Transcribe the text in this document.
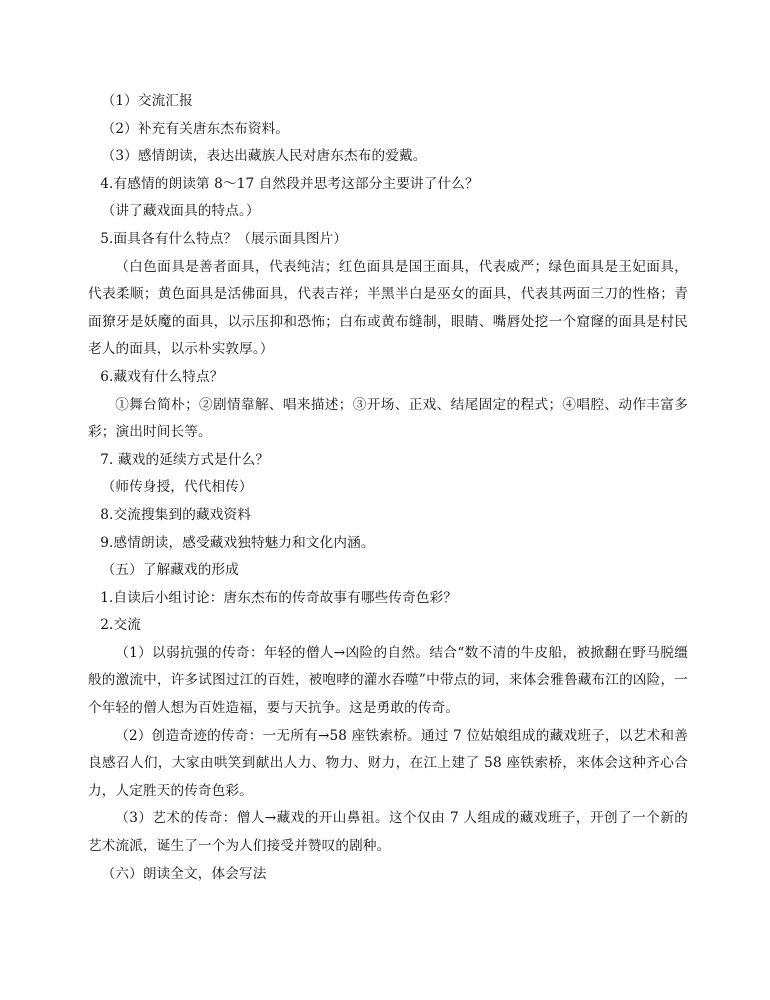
（1）交流汇报
（2）补充有关唐东杰布资料。
（3）感情朗读，表达出藏族人民对唐东杰布的爱戴。
4.有感情的朗读第 8～17 自然段并思考这部分主要讲了什么？
（讲了藏戏面具的特点。）
5.面具各有什么特点？（展示面具图片）
（白色面具是善者面具，代表纯洁；红色面具是国王面具，代表威严；绿色面具是王妃面具，代表柔顺；黄色面具是活佛面具，代表吉祥；半黑半白是巫女的面具，代表其两面三刀的性格；青面獠牙是妖魔的面具，以示压抑和恐怖；白布或黄布缝制，眼睛、嘴唇处挖一个窟窿的面具是村民老人的面具，以示朴实敦厚。）
6.藏戏有什么特点？
①舞台简朴；②剧情靠解、唱来描述；③开场、正戏、结尾固定的程式；④唱腔、动作丰富多彩；演出时间长等。
7. 藏戏的延续方式是什么？
（师传身授，代代相传）
8.交流搜集到的藏戏资料
9.感情朗读，感受藏戏独特魅力和文化内涵。
（五）了解藏戏的形成
1.自读后小组讨论：唐东杰布的传奇故事有哪些传奇色彩？
2.交流
（1）以弱抗强的传奇：年轻的僧人→凶险的自然。结合“数不清的牛皮船，被掀翻在野马脱缰般的激流中，许多试图过江的百姓，被咆哮的灌水吞噬”中带点的词，来体会雅鲁藏布江的凶险，一个年轻的僧人想为百姓造福，要与天抗争。这是勇敢的传奇。
（2）创造奇迹的传奇：一无所有→58 座铁索桥。通过 7 位姑娘组成的藏戏班子，以艺术和善良感召人们，大家由哄笑到献出人力、物力、财力，在江上建了 58 座铁索桥，来体会这种齐心合力，人定胜天的传奇色彩。
（3）艺术的传奇：僧人→藏戏的开山鼻祖。这个仅由 7 人组成的藏戏班子，开创了一个新的艺术流派，诞生了一个为人们接受并赞叹的剧种。
（六）朗读全文，体会写法
